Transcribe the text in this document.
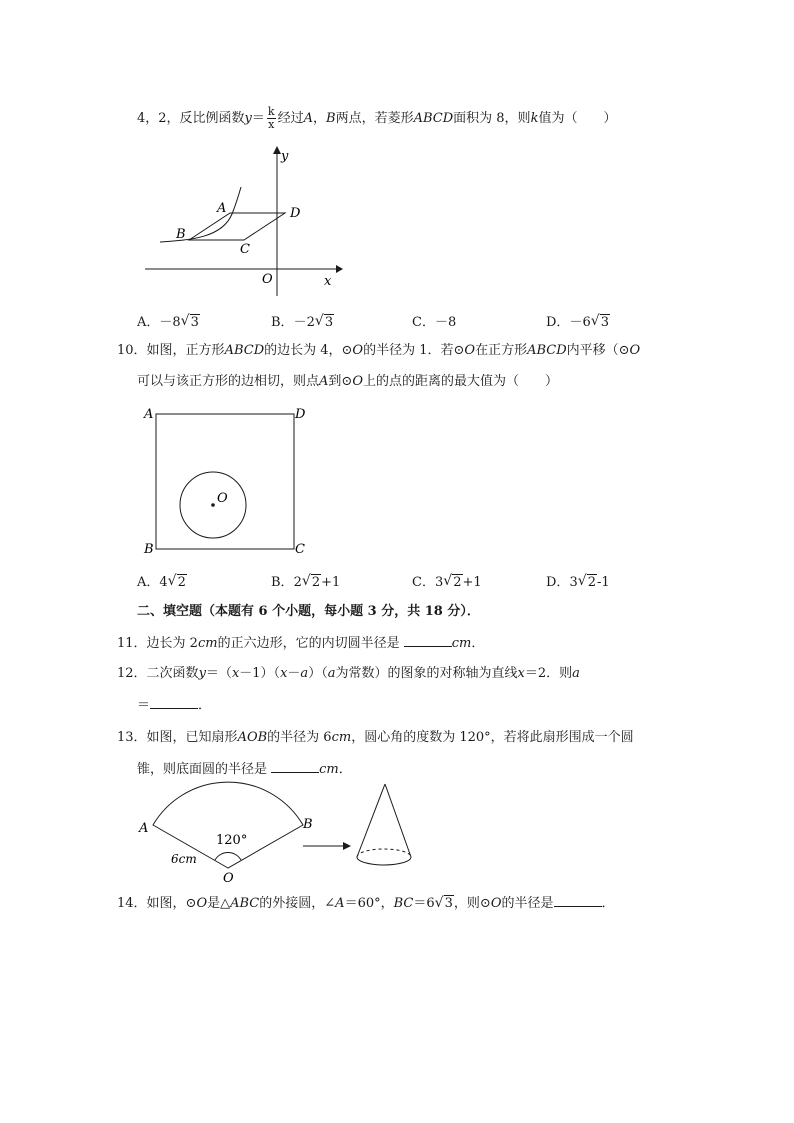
4，2，反比例函数$y= \frac{k}{x}$ 经过A，B两点，若菱形ABCD面积为 8，则k值为（　　）
y
x
O
A
B
C
D
A．－8 √ 3	B．－2 √ 3	C．－8	D．－6 √ 3
10．如图，正方形ABCD的边长为 4，⊙O的半径为 1．若⊙O在正方形ABCD内平移（⊙O
可以与该正方形的边相切，则点A到⊙O上的点的距离的最大值为（　　）
A	D
B	C
O
A．4 √ 2	B．2 √ 2+1	C．3 √ 2+1	D．3 √ 2-1
二、填空题（本题有 6 个小题，每小题 3 分，共 18 分）．
11．边长为 2cm的正六边形，它的内切圆半径是	cm．
12．二次函数y＝（x－1）（x－a）（a为常数）的图象的对称轴为直线x＝2．则a
＝	．
13．如图，已知扇形AOB的半径为 6cm，圆心角的度数为 120°，若将此扇形围成一个圆
锥，则底面圆的半径是	cm．
A	B
O
120°
6cm
14．如图，⊙O是△ABC的外接圆，∠A＝60°，BC＝6 √ 3，则⊙O的半径是	．
